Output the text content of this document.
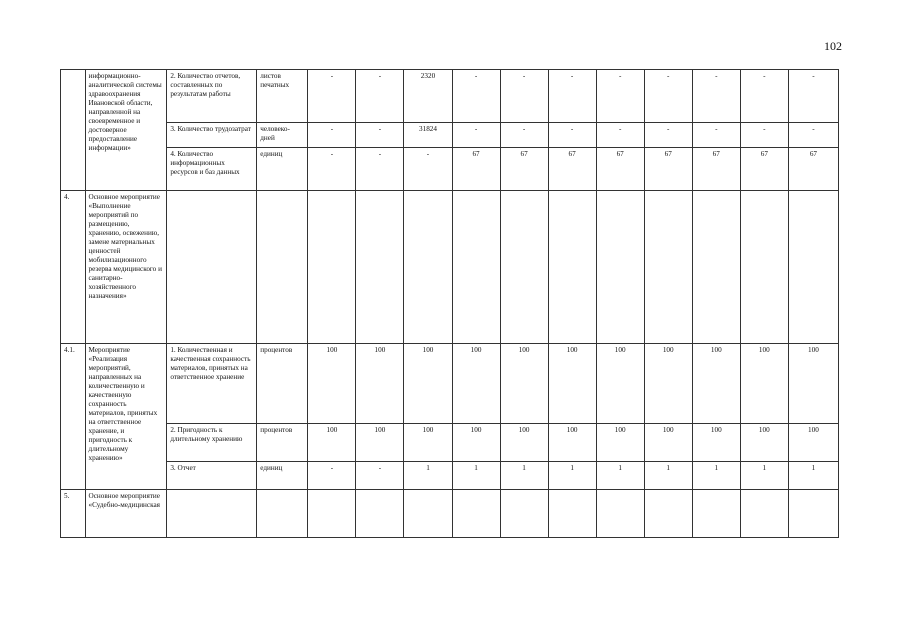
102
	информационно-аналитической системы здравоохранения Ивановской области, направленной на своевременное и достоверное предоставление информации»	2. Количество отчетов, составленных по результатам работы	листов печатных	-	-	2320	-	-	-	-	-	-	-	-
		3. Количество трудозатрат	человеко-дней	-	-	31824	-	-	-	-	-	-	-	-
		4. Количество информационных ресурсов и баз данных	единиц	-	-	-	67	67	67	67	67	67	67	67
4.	Основное мероприятие «Выполнение мероприятий по размещению, хранению, освежению, замене материальных ценностей мобилизационного резерва медицинского и санитарно-хозяйственного назначения»													
4.1.	Мероприятие «Реализация мероприятий, направленных на количественную и качественную сохранность материалов, принятых на ответственное хранение, и пригодность к длительному хранению»	1. Количественная и качественная сохранность материалов, принятых на ответственное хранение	процентов	100	100	100	100	100	100	100	100	100	100	100
		2. Пригодность к длительному хранению	процентов	100	100	100	100	100	100	100	100	100	100	100
		3. Отчет	единиц	-	-	1	1	1	1	1	1	1	1	1
5.	Основное мероприятие «Судебно-медицинская													
